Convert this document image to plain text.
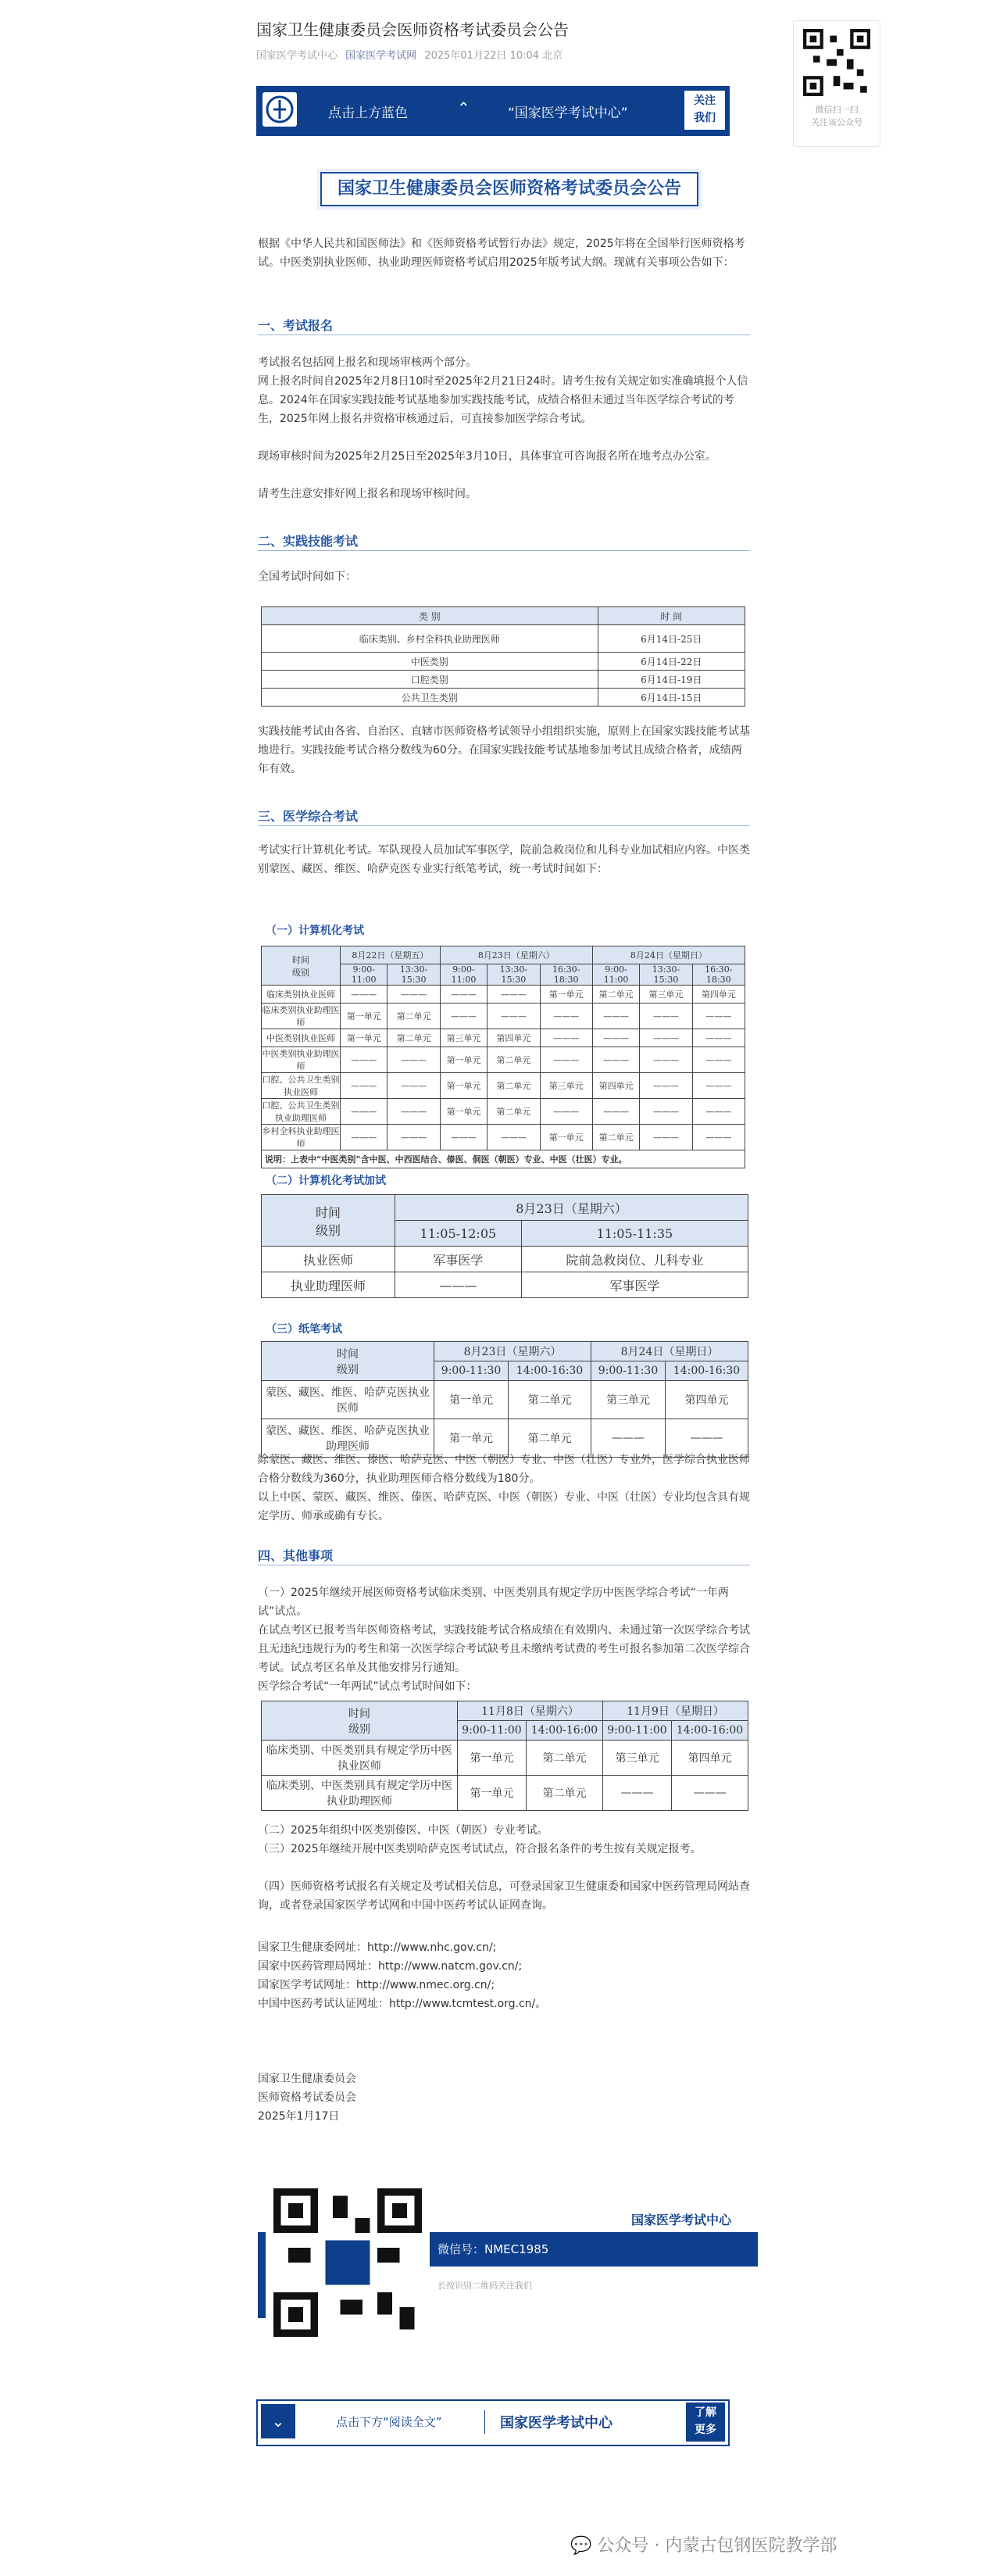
国家卫生健康委员会医师资格考试委员会公告
国家医学考试中心 国家医学考试网 2025年01月22日 10:04 北京
微信扫一扫
关注该公众号
点击上方蓝色	⌃	“国家医学考试中心”
关注
我们
国家卫生健康委员会医师资格考试委员会公告
根据《中华人民共和国医师法》和《医师资格考试暂行办法》规定，2025年将在全国举行医师资格考试。中医类别执业医师、执业助理医师资格考试启用2025年版考试大纲。现就有关事项公告如下：
一、考试报名
考试报名包括网上报名和现场审核两个部分。
网上报名时间自2025年2月8日10时至2025年2月21日24时。请考生按有关规定如实准确填报个人信息。2024年在国家实践技能考试基地参加实践技能考试，成绩合格但未通过当年医学综合考试的考生，2025年网上报名并资格审核通过后，可直接参加医学综合考试。
现场审核时间为2025年2月25日至2025年3月10日，具体事宜可咨询报名所在地考点办公室。
请考生注意安排好网上报名和现场审核时间。
二、实践技能考试
全国考试时间如下：
类 别	时 间
临床类别、乡村全科执业助理医师	6月14日-25日
中医类别	6月14日-22日
口腔类别	6月14日-19日
公共卫生类别	6月14日-15日
实践技能考试由各省、自治区、直辖市医师资格考试领导小组组织实施，原则上在国家实践技能考试基地进行。实践技能考试合格分数线为60分。在国家实践技能考试基地参加考试且成绩合格者，成绩两年有效。
三、医学综合考试
考试实行计算机化考试。军队现役人员加试军事医学，院前急救岗位和儿科专业加试相应内容。中医类别蒙医、藏医、维医、哈萨克医专业实行纸笔考试，统一考试时间如下：
（一）计算机化考试
时间
级别	8月22日（星期五）		8月23日（星期六）			8月24日（星期日）		
	9:00-11:00	13:30-15:30	9:00-11:00	13:30-15:30	16:30-18:30	9:00-11:00	13:30-15:30	16:30-18:30
临床类别执业医师	———	———	———	———	第一单元	第二单元	第三单元	第四单元
临床类别执业助理医师	第一单元	第二单元	———	———	———	———	———	———
中医类别执业医师	第一单元	第二单元	第三单元	第四单元	———	———	———	———
中医类别执业助理医师	———	———	第一单元	第二单元	———	———	———	———
口腔、公共卫生类别执业医师	———	———	第一单元	第二单元	第三单元	第四单元	———	———
口腔、公共卫生类别执业助理医师	———	———	第一单元	第二单元	———	———	———	———
乡村全科执业助理医师	———	———	———	———	第一单元	第二单元	———	———
说明：上表中“中医类别”含中医、中西医结合、傣医、侗医（朝医）专业、中医（壮医）专业。								
（二）计算机化考试加试
时间
级别	8月23日（星期六）	
	11:05-12:05	11:05-11:35
执业医师	军事医学	院前急救岗位、儿科专业
执业助理医师	———	军事医学
（三）纸笔考试
时间
级别	8月23日（星期六）		8月24日（星期日）	
	9:00-11:30	14:00-16:30	9:00-11:30	14:00-16:30
蒙医、藏医、维医、哈萨克医执业医师	第一单元	第二单元	第三单元	第四单元
蒙医、藏医、维医、哈萨克医执业助理医师	第一单元	第二单元	———	———
除蒙医、藏医、维医、傣医、哈萨克医、中医（朝医）专业、中医（壮医）专业外，医学综合执业医师合格分数线为360分，执业助理医师合格分数线为180分。
以上中医、蒙医、藏医、维医、傣医、哈萨克医、中医（朝医）专业、中医（壮医）专业均包含具有规定学历、师承或确有专长。
四、其他事项
（一）2025年继续开展医师资格考试临床类别、中医类别具有规定学历中医医学综合考试“一年两试”试点。
在试点考区已报考当年医师资格考试，实践技能考试合格成绩在有效期内、未通过第一次医学综合考试且无违纪违规行为的考生和第一次医学综合考试缺考且未缴纳考试费的考生可报名参加第二次医学综合考试。试点考区名单及其他安排另行通知。
医学综合考试“一年两试”试点考试时间如下：
时间
级别	11月8日（星期六）		11月9日（星期日）	
	9:00-11:00	14:00-16:00	9:00-11:00	14:00-16:00
临床类别、中医类别具有规定学历中医执业医师	第一单元	第二单元	第三单元	第四单元
临床类别、中医类别具有规定学历中医执业助理医师	第一单元	第二单元	———	———
（二）2025年组织中医类别傣医、中医（朝医）专业考试。
（三）2025年继续开展中医类别哈萨克医考试试点，符合报名条件的考生按有关规定报考。
（四）医师资格考试报名有关规定及考试相关信息，可登录国家卫生健康委和国家中医药管理局网站查询，或者登录国家医学考试网和中国中医药考试认证网查询。
国家卫生健康委网址：http://www.nhc.gov.cn/;
国家中医药管理局网址：http://www.natcm.gov.cn/;
国家医学考试网址：http://www.nmec.org.cn/;
中国中医药考试认证网址：http://www.tcmtest.org.cn/。
国家卫生健康委员会
医师资格考试委员会
2025年1月17日
国家医学考试中心
微信号：NMEC1985
长按识别二维码关注我们
⌄	点击下方“阅读全文”	国家医学考试中心
了解
更多
💬 公众号 · 内蒙古包钢医院教学部
